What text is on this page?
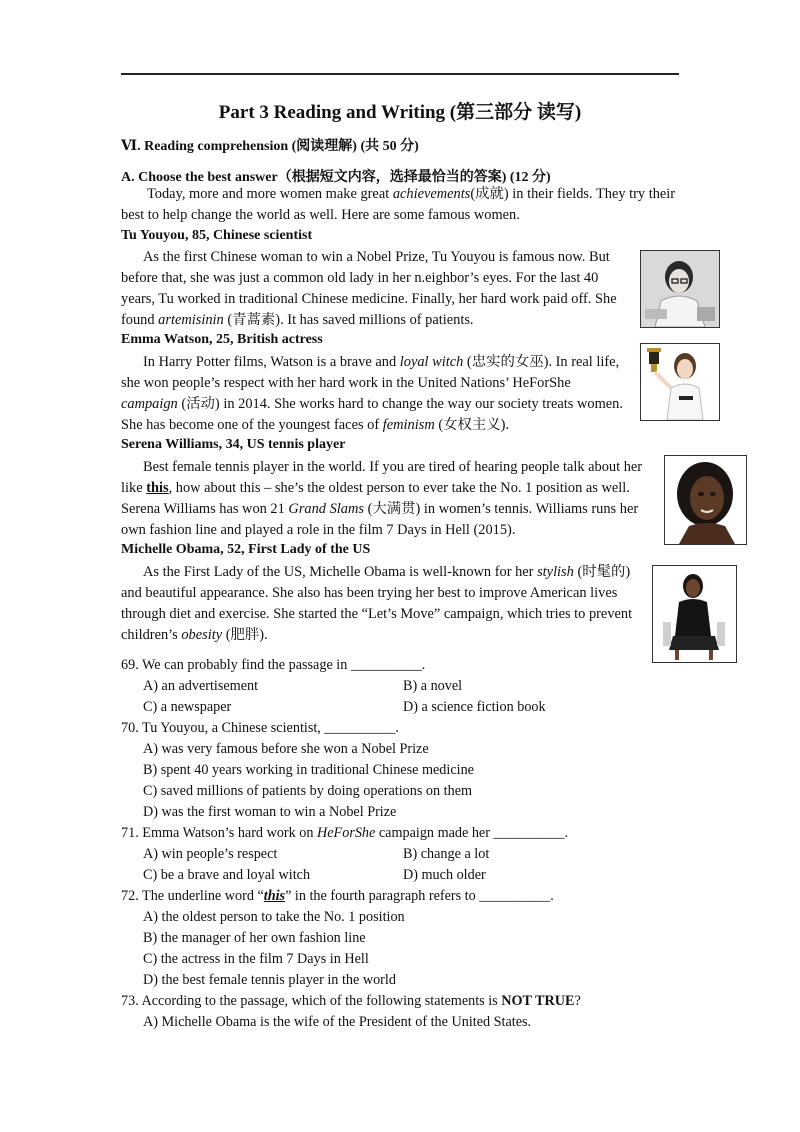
Part 3 Reading and Writing (第三部分 读写)
Ⅵ. Reading comprehension (阅读理解) (共 50 分)
A. Choose the best answer（根据短文内容，选择最恰当的答案) (12 分)
Today, more and more women make great achievements(成就) in their fields. They try their
best to help change the world as well. Here are some famous women.
Tu Youyou, 85, Chinese scientist
As the first Chinese woman to win a Nobel Prize, Tu Youyou is famous now. But
before that, she was just a common old lady in her n.eighbor’s eyes. For the last 40
years, Tu worked in traditional Chinese medicine. Finally, her hard work paid off. She
found artemisinin (青蒿素). It has saved millions of patients.
Emma Watson, 25, British actress
In Harry Potter films, Watson is a brave and loyal witch (忠实的女巫). In real life,
she won people’s respect with her hard work in the United Nations’ HeForShe
campaign (活动) in 2014. She works hard to change the way our society treats women.
She has become one of the youngest faces of feminism (女权主义).
Serena Williams, 34, US tennis player
Best female tennis player in the world. If you are tired of hearing people talk about her
like this, how about this – she’s the oldest person to ever take the No. 1 position as well.
Serena Williams has won 21 Grand Slams (大满贯) in women’s tennis. Williams runs her
own fashion line and played a role in the film 7 Days in Hell (2015).
Michelle Obama, 52, First Lady of the US
As the First Lady of the US, Michelle Obama is well-known for her stylish (时髦的)
and beautiful appearance. She also has been trying her best to improve American lives
through diet and exercise. She started the “Let’s Move” campaign, which tries to prevent
children’s obesity (肥胖).
69. We can probably find the passage in __________.
A) an advertisement	B) a novel
C) a newspaper	D) a science fiction book
70. Tu Youyou, a Chinese scientist, __________.
A) was very famous before she won a Nobel Prize
B) spent 40 years working in traditional Chinese medicine
C) saved millions of patients by doing operations on them
D) was the first woman to win a Nobel Prize
71. Emma Watson’s hard work on HeForShe campaign made her __________.
A) win people’s respect	B) change a lot
C) be a brave and loyal witch	D) much older
72. The underline word “this” in the fourth paragraph refers to __________.
A) the oldest person to take the No. 1 position
B) the manager of her own fashion line
C) the actress in the film 7 Days in Hell
D) the best female tennis player in the world
73. According to the passage, which of the following statements is NOT TRUE?
A) Michelle Obama is the wife of the President of the United States.
